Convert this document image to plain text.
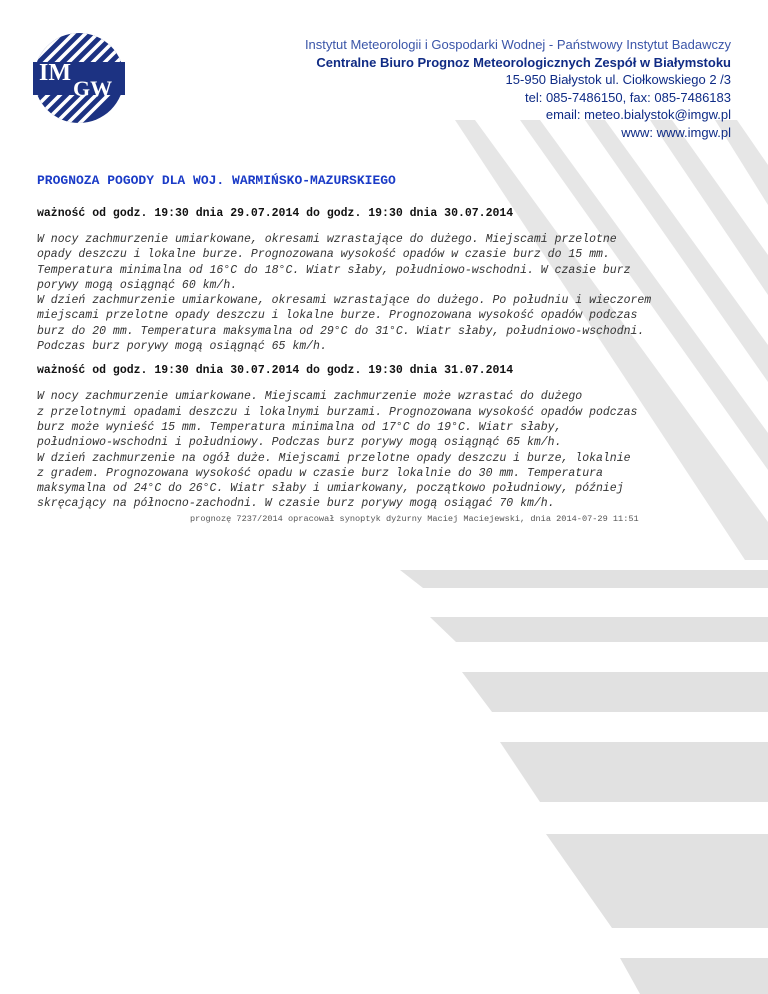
IM
GW
Instytut Meteorologii i Gospodarki Wodnej - Państwowy Instytut Badawczy
Centralne Biuro Prognoz Meteorologicznych Zespół w Białymstoku
15-950 Białystok ul. Ciołkowskiego 2 /3
tel: 085-7486150, fax: 085-7486183
email: meteo.bialystok@imgw.pl
www: www.imgw.pl
PROGNOZA POGODY DLA WOJ. WARMIŃSKO-MAZURSKIEGO
ważność od godz. 19:30 dnia 29.07.2014 do godz. 19:30 dnia 30.07.2014
W nocy zachmurzenie umiarkowane, okresami wzrastające do dużego. Miejscami przelotne
opady deszczu i lokalne burze. Prognozowana wysokość opadów w czasie burz do 15 mm.
Temperatura minimalna od 16°C do 18°C. Wiatr słaby, południowo-wschodni. W czasie burz
porywy mogą osiągnąć 60 km/h.
W dzień zachmurzenie umiarkowane, okresami wzrastające do dużego. Po południu i wieczorem
miejscami przelotne opady deszczu i lokalne burze. Prognozowana wysokość opadów podczas
burz do 20 mm. Temperatura maksymalna od 29°C do 31°C. Wiatr słaby, południowo-wschodni.
Podczas burz porywy mogą osiągnąć 65 km/h.
ważność od godz. 19:30 dnia 30.07.2014 do godz. 19:30 dnia 31.07.2014
W nocy zachmurzenie umiarkowane. Miejscami zachmurzenie może wzrastać do dużego
z przelotnymi opadami deszczu i lokalnymi burzami. Prognozowana wysokość opadów podczas
burz może wynieść 15 mm. Temperatura minimalna od 17°C do 19°C. Wiatr słaby,
południowo-wschodni i południowy. Podczas burz porywy mogą osiągnąć 65 km/h.
W dzień zachmurzenie na ogół duże. Miejscami przelotne opady deszczu i burze, lokalnie
z gradem. Prognozowana wysokość opadu w czasie burz lokalnie do 30 mm. Temperatura
maksymalna od 24°C do 26°C. Wiatr słaby i umiarkowany, początkowo południowy, później
skręcający na północno-zachodni. W czasie burz porywy mogą osiągać 70 km/h.
prognozę 7237/2014 opracował synoptyk dyżurny Maciej Maciejewski, dnia 2014-07-29 11:51
